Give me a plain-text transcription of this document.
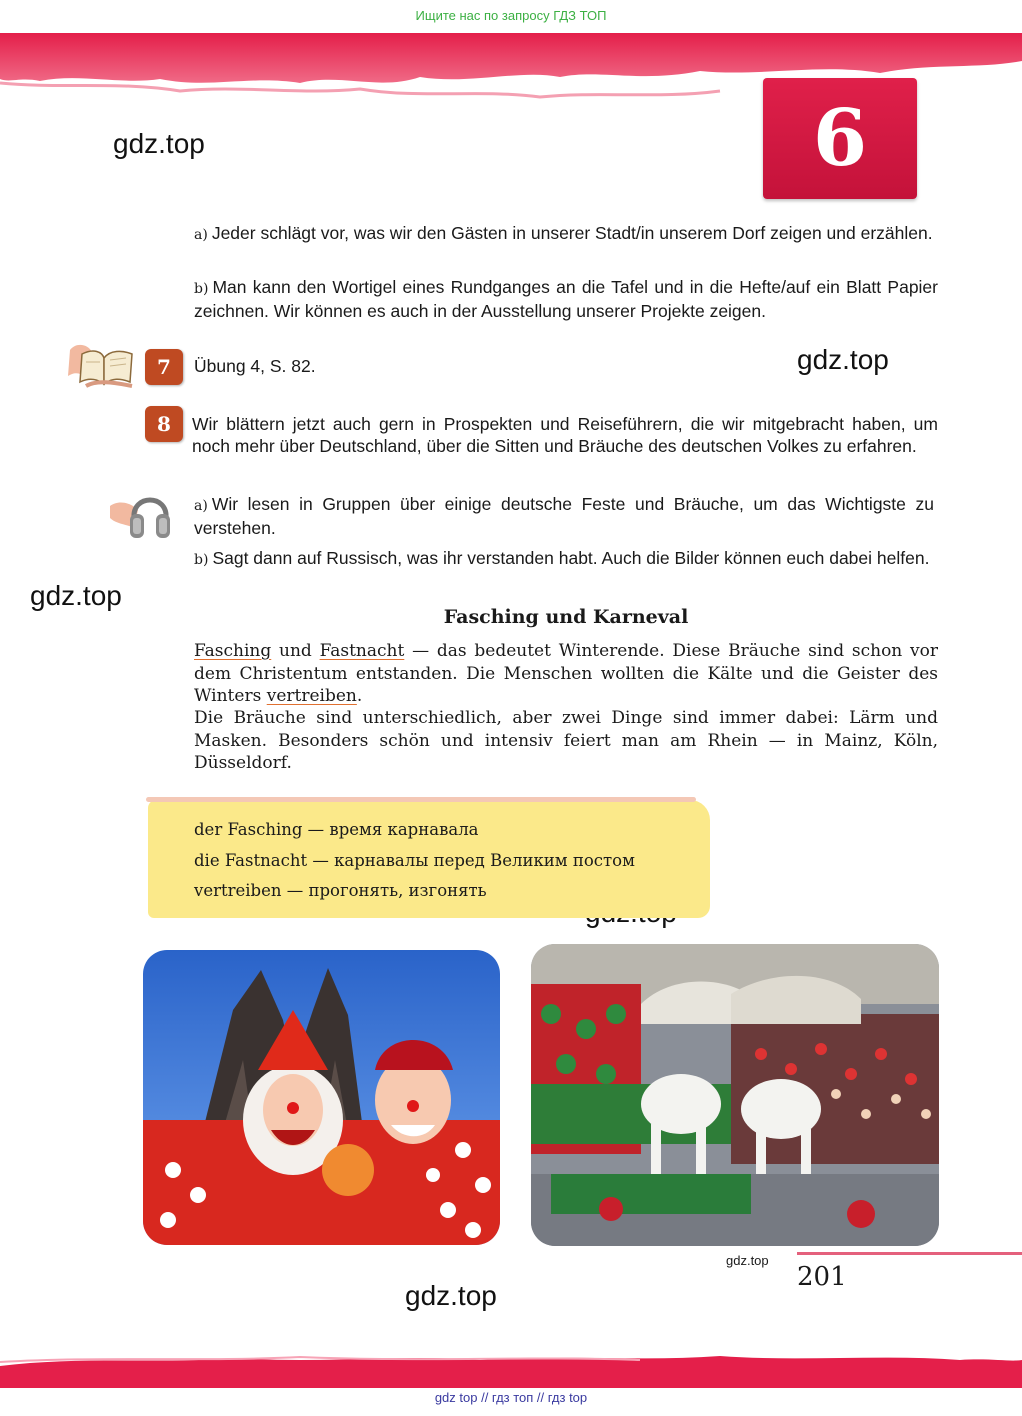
Ищите нас по запросу ГДЗ ТОП
6
gdz.top
gdz.top
gdz.top
gdz.top
a) Jeder schlägt vor, was wir den Gästen in unserer Stadt/in unserem Dorf zeigen und erzählen.
b) Man kann den Wortigel eines Rundganges an die Tafel und in die Hefte/auf ein Blatt Papier zeichnen. Wir können es auch in der Ausstellung unserer Projekte zeigen.
7	Übung 4, S. 82.
8	Wir blättern jetzt auch gern in Prospekten und Reiseführern, die wir mitgebracht haben, um noch mehr über Deutschland, über die Sitten und Bräuche des deutschen Volkes zu erfahren.
a) Wir lesen in Gruppen über einige deutsche Feste und Bräuche, um das Wichtigste zu verstehen.
b) Sagt dann auf Russisch, was ihr verstanden habt. Auch die Bilder können euch dabei helfen.
Fasching und Karneval
Fasching und Fastnacht — das bedeutet Winterende. Diese Bräuche sind schon vor dem Christentum entstanden. Die Menschen wollten die Kälte und die Geister des Winters vertreiben.
Die Bräuche sind unterschiedlich, aber zwei Dinge sind immer dabei: Lärm und Masken. Besonders schön und intensiv feiert man am Rhein — in Mainz, Köln, Düsseldorf.
der Fasching — время карнавала
die Fastnacht — карнавалы перед Великим постом
vertreiben — прогонять, изгонять
gdz.top
201
gdz top // гдз топ // гдз top
